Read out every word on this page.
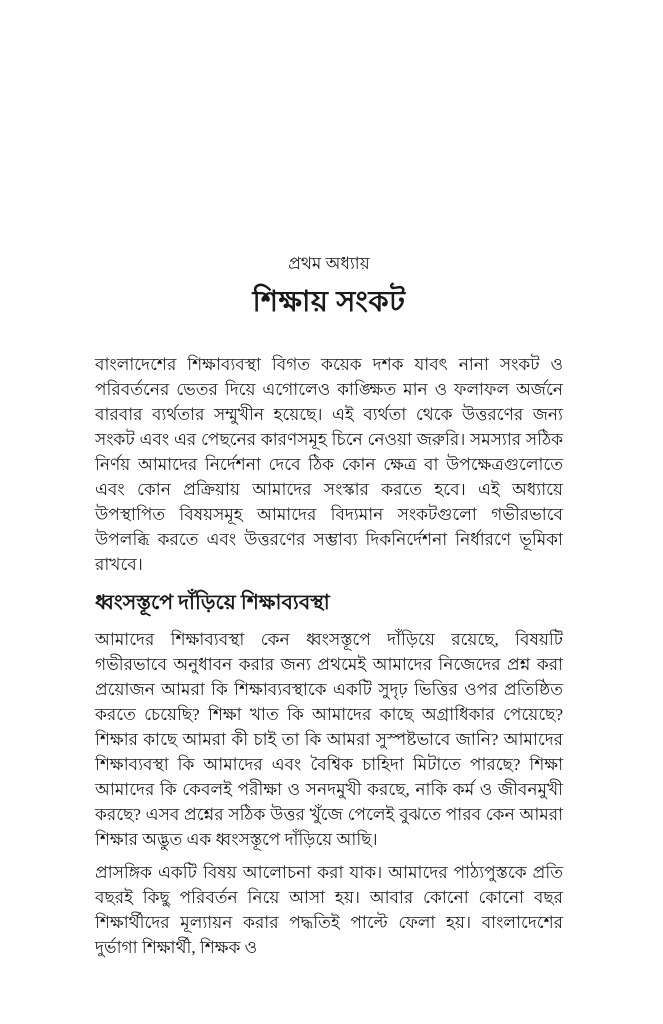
প্রথম অধ্যায়
শিক্ষায় সংকট

বাংলাদেশের শিক্ষাব্যবস্থা বিগত কয়েক দশক যাবৎ নানা সংকট ও পরিবর্তনের ভেতর দিয়ে এগোলেও কাঙ্ক্ষিত মান ও ফলাফল অর্জনে বারবার ব্যর্থতার সম্মুখীন হয়েছে। এই ব্যর্থতা থেকে উত্তরণের জন্য সংকট এবং এর পেছনের কারণসমূহ চিনে নেওয়া জরুরি। সমস্যার সঠিক নির্ণয় আমাদের নির্দেশনা দেবে ঠিক কোন ক্ষেত্র বা উপক্ষেত্রগুলোতে এবং কোন প্রক্রিয়ায় আমাদের সংস্কার করতে হবে। এই অধ্যায়ে উপস্থাপিত বিষয়সমূহ আমাদের বিদ্যমান সংকটগুলো গভীরভাবে উপলব্ধি করতে এবং উত্তরণের সম্ভাব্য দিকনির্দেশনা নির্ধারণে ভূমিকা রাখবে।

ধ্বংসস্তূপে দাঁড়িয়ে শিক্ষাব্যবস্থা

আমাদের শিক্ষাব্যবস্থা কেন ধ্বংসস্তূপে দাঁড়িয়ে রয়েছে, বিষয়টি গভীরভাবে অনুধাবন করার জন্য প্রথমেই আমাদের নিজেদের প্রশ্ন করা প্রয়োজন আমরা কি শিক্ষাব্যবস্থাকে একটি সুদৃঢ় ভিত্তির ওপর প্রতিষ্ঠিত করতে চেয়েছি? শিক্ষা খাত কি আমাদের কাছে অগ্রাধিকার পেয়েছে? শিক্ষার কাছে আমরা কী চাই তা কি আমরা সুস্পষ্টভাবে জানি? আমাদের শিক্ষাব্যবস্থা কি আমাদের এবং বৈশ্বিক চাহিদা মিটাতে পারছে? শিক্ষা আমাদের কি কেবলই পরীক্ষা ও সনদমুখী করছে, নাকি কর্ম ও জীবনমুখী করছে? এসব প্রশ্নের সঠিক উত্তর খুঁজে পেলেই বুঝতে পারব কেন আমরা শিক্ষার অদ্ভুত এক ধ্বংসস্তূপে দাঁড়িয়ে আছি।

প্রাসঙ্গিক একটি বিষয় আলোচনা করা যাক। আমাদের পাঠ্যপুস্তকে প্রতি বছরই কিছু পরিবর্তন নিয়ে আসা হয়। আবার কোনো কোনো বছর শিক্ষার্থীদের মূল্যায়ন করার পদ্ধতিই পাল্টে ফেলা হয়। বাংলাদেশের দুর্ভাগা শিক্ষার্থী, শিক্ষক ও
